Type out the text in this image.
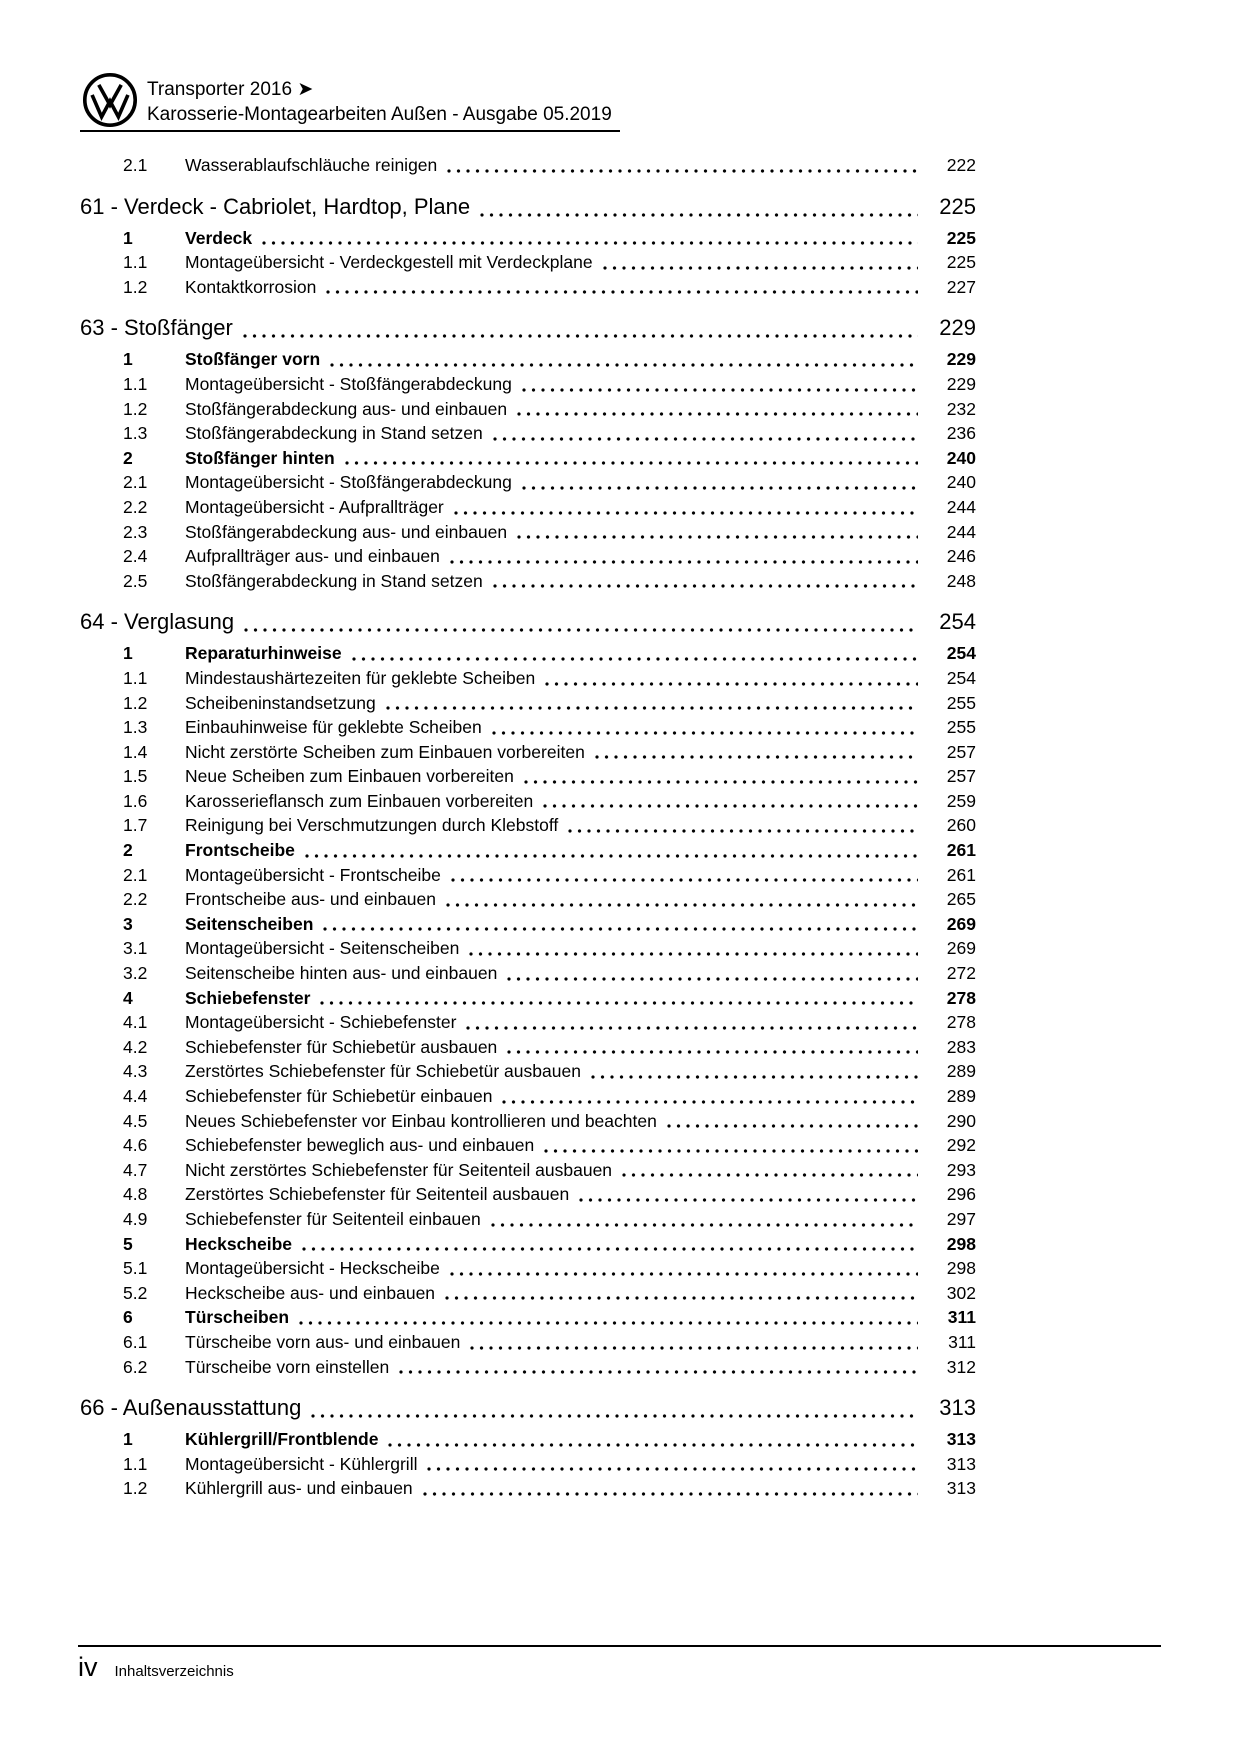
Transporter 2016 ➤
Karosserie-Montagearbeiten Außen - Ausgabe 05.2019
2.1	Wasserablaufschläuche reinigen	222
61 - Verdeck - Cabriolet, Hardtop, Plane	225
1	Verdeck	225
1.1	Montageübersicht - Verdeckgestell mit Verdeckplane	225
1.2	Kontaktkorrosion	227
63 - Stoßfänger	229
1	Stoßfänger vorn	229
1.1	Montageübersicht - Stoßfängerabdeckung	229
1.2	Stoßfängerabdeckung aus- und einbauen	232
1.3	Stoßfängerabdeckung in Stand setzen	236
2	Stoßfänger hinten	240
2.1	Montageübersicht - Stoßfängerabdeckung	240
2.2	Montageübersicht - Aufprallträger	244
2.3	Stoßfängerabdeckung aus- und einbauen	244
2.4	Aufprallträger aus- und einbauen	246
2.5	Stoßfängerabdeckung in Stand setzen	248
64 - Verglasung	254
1	Reparaturhinweise	254
1.1	Mindestaushärtezeiten für geklebte Scheiben	254
1.2	Scheibeninstandsetzung	255
1.3	Einbauhinweise für geklebte Scheiben	255
1.4	Nicht zerstörte Scheiben zum Einbauen vorbereiten	257
1.5	Neue Scheiben zum Einbauen vorbereiten	257
1.6	Karosserieflansch zum Einbauen vorbereiten	259
1.7	Reinigung bei Verschmutzungen durch Klebstoff	260
2	Frontscheibe	261
2.1	Montageübersicht - Frontscheibe	261
2.2	Frontscheibe aus- und einbauen	265
3	Seitenscheiben	269
3.1	Montageübersicht - Seitenscheiben	269
3.2	Seitenscheibe hinten aus- und einbauen	272
4	Schiebefenster	278
4.1	Montageübersicht - Schiebefenster	278
4.2	Schiebefenster für Schiebetür ausbauen	283
4.3	Zerstörtes Schiebefenster für Schiebetür ausbauen	289
4.4	Schiebefenster für Schiebetür einbauen	289
4.5	Neues Schiebefenster vor Einbau kontrollieren und beachten	290
4.6	Schiebefenster beweglich aus- und einbauen	292
4.7	Nicht zerstörtes Schiebefenster für Seitenteil ausbauen	293
4.8	Zerstörtes Schiebefenster für Seitenteil ausbauen	296
4.9	Schiebefenster für Seitenteil einbauen	297
5	Heckscheibe	298
5.1	Montageübersicht - Heckscheibe	298
5.2	Heckscheibe aus- und einbauen	302
6	Türscheiben	311
6.1	Türscheibe vorn aus- und einbauen	311
6.2	Türscheibe vorn einstellen	312
66 - Außenausstattung	313
1	Kühlergrill/Frontblende	313
1.1	Montageübersicht - Kühlergrill	313
1.2	Kühlergrill aus- und einbauen	313
iv Inhaltsverzeichnis
